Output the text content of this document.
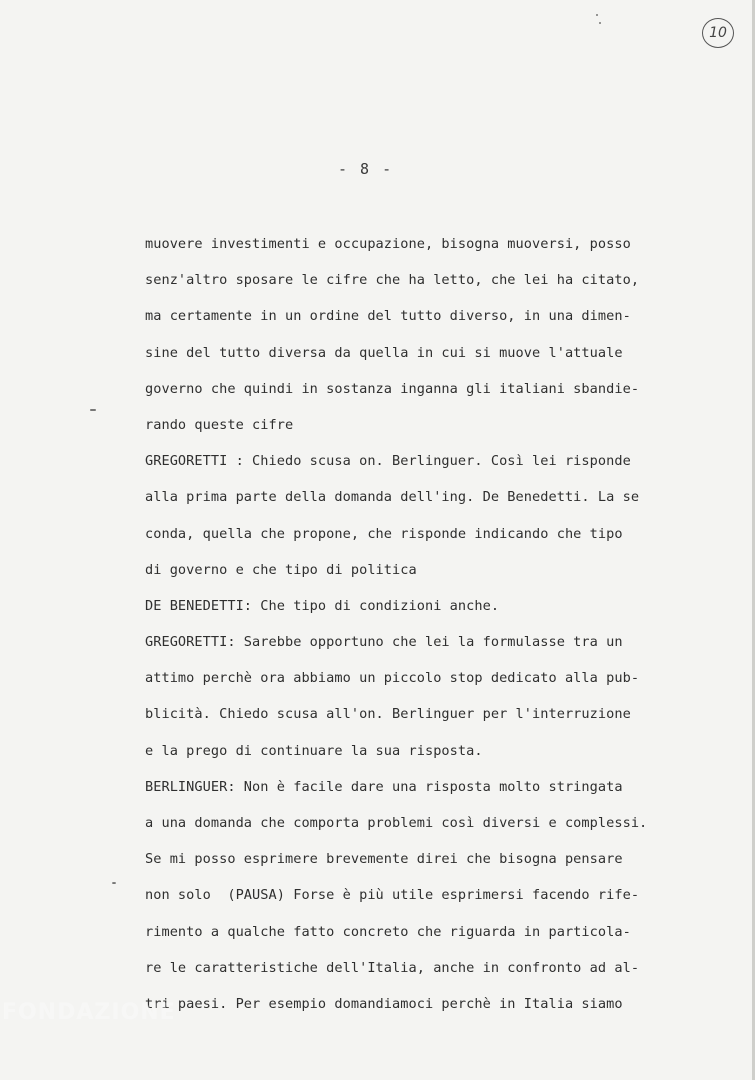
10
- 8 -
muovere investimenti e occupazione, bisogna muoversi, posso
senz'altro sposare le cifre che ha letto, che lei ha citato,
ma certamente in un ordine del tutto diverso, in una dimen-
sine del tutto diversa da quella in cui si muove l'attuale
governo che quindi in sostanza inganna gli italiani sbandie-
rando queste cifre
GREGORETTI : Chiedo scusa on. Berlinguer. Così lei risponde
alla prima parte della domanda dell'ing. De Benedetti. La se
conda, quella che propone, che risponde indicando che tipo
di governo e che tipo di politica
DE BENEDETTI: Che tipo di condizioni anche.
GREGORETTI: Sarebbe opportuno che lei la formulasse tra un
attimo perchè ora abbiamo un piccolo stop dedicato alla pub-
blicità. Chiedo scusa all'on. Berlinguer per l'interruzione
e la prego di continuare la sua risposta.
BERLINGUER: Non è facile dare una risposta molto stringata
a una domanda che comporta problemi così diversi e complessi.
Se mi posso esprimere brevemente direi che bisogna pensare
non solo  (PAUSA) Forse è più utile esprimersi facendo rife-
rimento a qualche fatto concreto che riguarda in particola-
re le caratteristiche dell'Italia, anche in confronto ad al-
tri paesi. Per esempio domandiamoci perchè in Italia siamo
FONDAZIONE
